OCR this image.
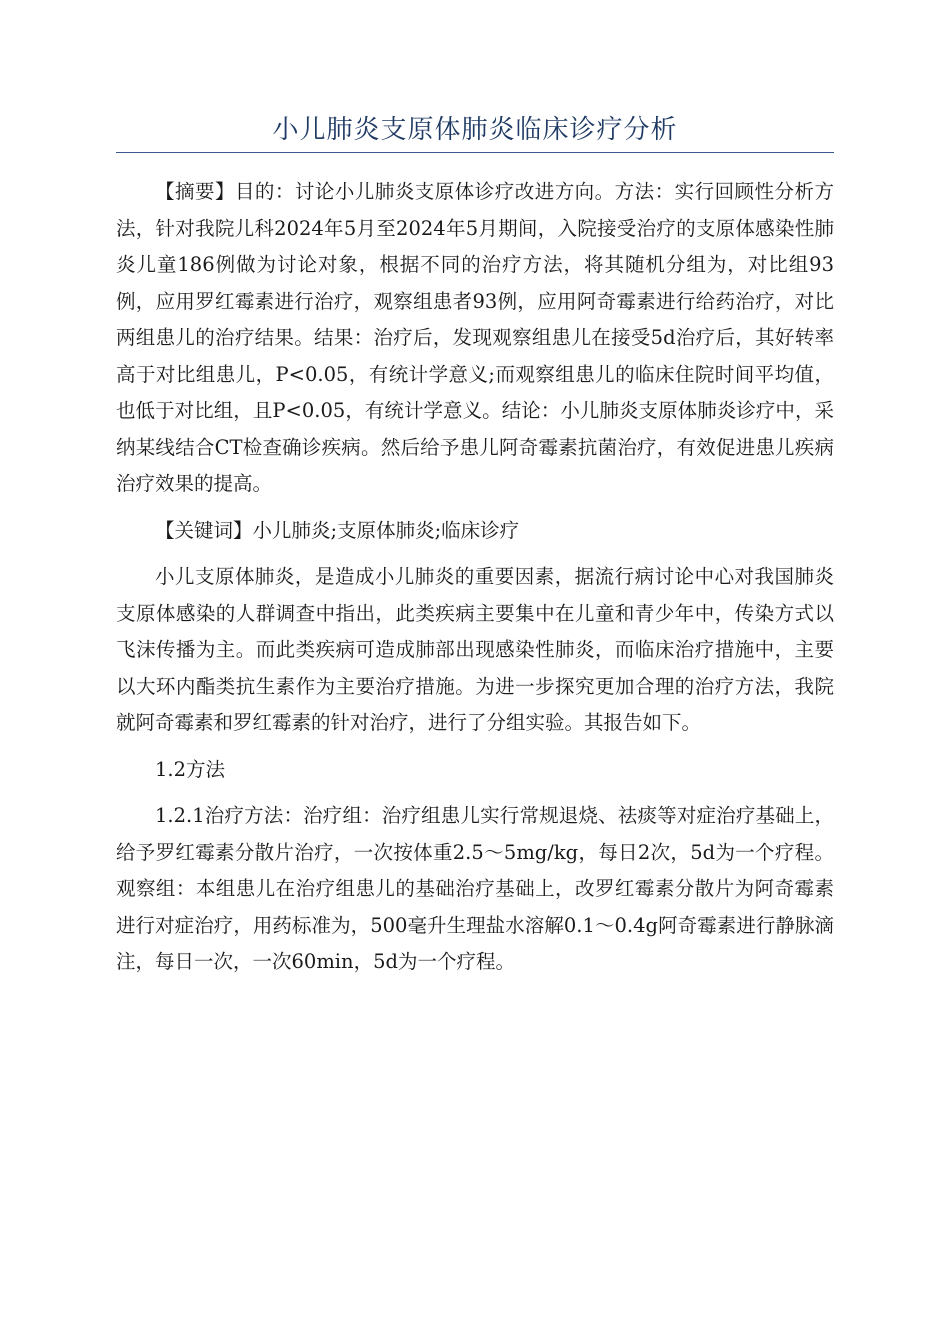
小儿肺炎支原体肺炎临床诊疗分析

【摘要】目的：讨论小儿肺炎支原体诊疗改进方向。方法：实行回顾性分析方法，针对我院儿科2024年5月至2024年5月期间，入院接受治疗的支原体感染性肺炎儿童186例做为讨论对象，根据不同的治疗方法，将其随机分组为，对比组93例，应用罗红霉素进行治疗，观察组患者93例，应用阿奇霉素进行给药治疗，对比两组患儿的治疗结果。结果：治疗后，发现观察组患儿在接受5d治疗后，其好转率高于对比组患儿，P<0.05，有统计学意义;而观察组患儿的临床住院时间平均值，也低于对比组，且P<0.05，有统计学意义。结论：小儿肺炎支原体肺炎诊疗中，采纳某线结合CT检查确诊疾病。然后给予患儿阿奇霉素抗菌治疗，有效促进患儿疾病治疗效果的提高。

【关键词】小儿肺炎;支原体肺炎;临床诊疗

小儿支原体肺炎，是造成小儿肺炎的重要因素，据流行病讨论中心对我国肺炎支原体感染的人群调查中指出，此类疾病主要集中在儿童和青少年中，传染方式以飞沫传播为主。而此类疾病可造成肺部出现感染性肺炎，而临床治疗措施中，主要以大环内酯类抗生素作为主要治疗措施。为进一步探究更加合理的治疗方法，我院就阿奇霉素和罗红霉素的针对治疗，进行了分组实验。其报告如下。

1.2方法

1.2.1治疗方法：治疗组：治疗组患儿实行常规退烧、祛痰等对症治疗基础上，给予罗红霉素分散片治疗，一次按体重2.5～5mg/kg，每日2次，5d为一个疗程。观察组：本组患儿在治疗组患儿的基础治疗基础上，改罗红霉素分散片为阿奇霉素进行对症治疗，用药标准为，500毫升生理盐水溶解0.1～0.4g阿奇霉素进行静脉滴注，每日一次，一次60min，5d为一个疗程。
